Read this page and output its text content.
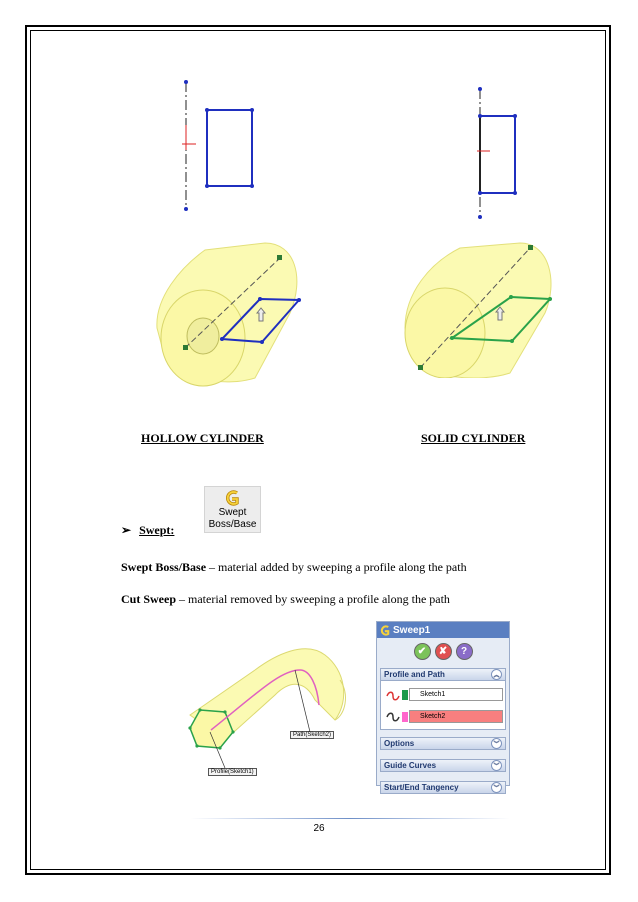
HOLLOW CYLINDER	SOLID CYLINDER
Swept
Boss/Base
➢ Swept:
Swept Boss/Base – material added by sweeping a profile along the path
Cut Sweep – material removed by sweeping a profile along the path
Path(Sketch2)
Profile(Sketch1)
Sweep1
✔	✘	?
Profile and Path	︽
Sketch1
Sketch2
Options	︾
Guide Curves	︾
Start/End Tangency	︾
26
